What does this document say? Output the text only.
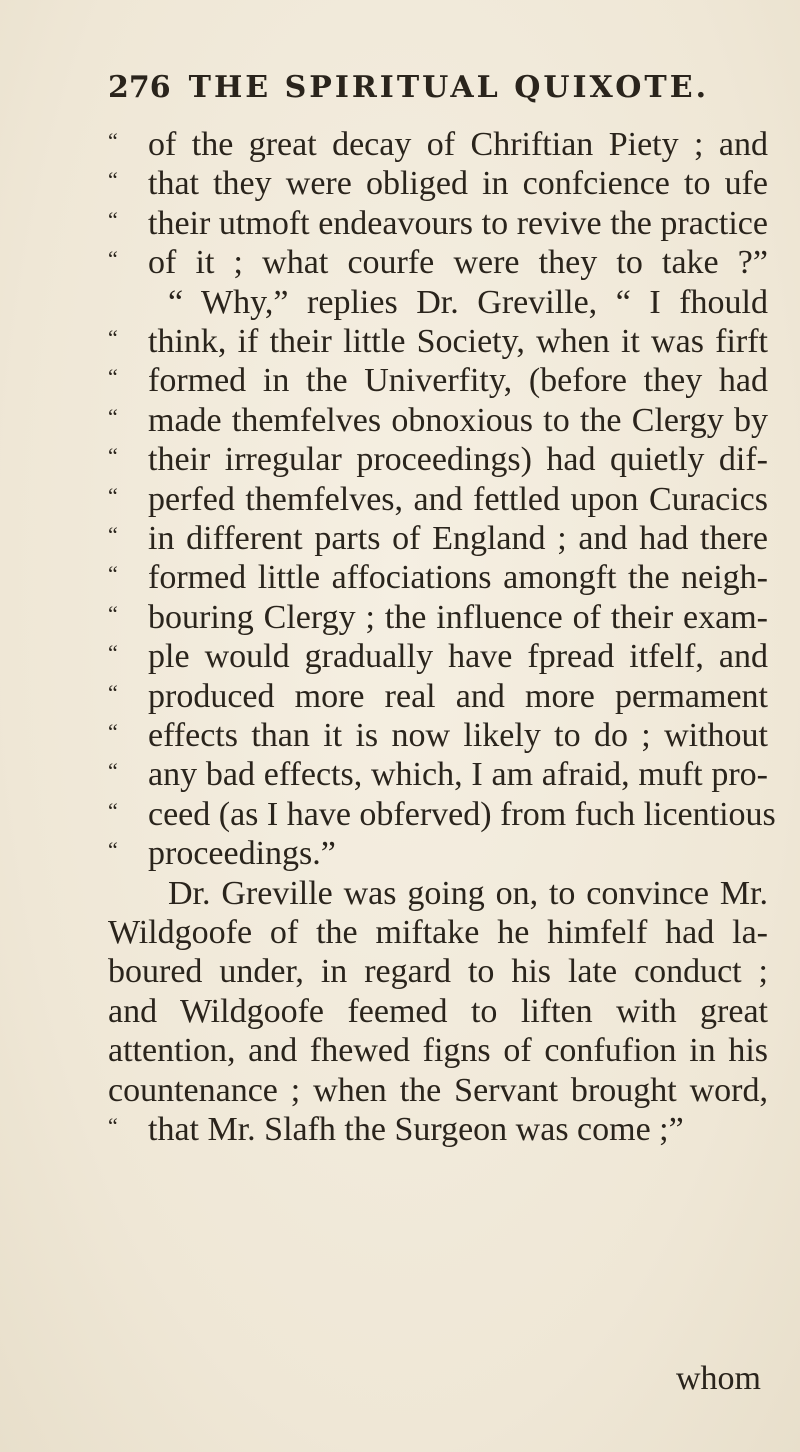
276 THE SPIRITUAL QUIXOTE.
“ of the great decay of Chriftian Piety ; and
“ that they were obliged in confcience to ufe
“ their utmoft endeavours to revive the practice
“ of it ; what courfe were they to take ?”
“ Why,” replies Dr. Greville, “ I fhould
“ think, if their little Society, when it was firft
“ formed in the Univerfity, (before they had
“ made themfelves obnoxious to the Clergy by
“ their irregular proceedings) had quietly dif-
“ perfed themfelves, and fettled upon Curacics
“ in different parts of England ; and had there
“ formed little affociations amongft the neigh-
“ bouring Clergy ; the influence of their exam-
“ ple would gradually have fpread itfelf, and
“ produced more real and more permament
“ effects than it is now likely to do ; without
“ any bad effects, which, I am afraid, muft pro-
“ ceed (as I have obferved) from fuch licentious
“ proceedings.”
Dr. Greville was going on, to convince Mr.
Wildgoofe of the miftake he himfelf had la-
boured under, in regard to his late conduct ;
and Wildgoofe feemed to liften with great
attention, and fhewed figns of confufion in his
countenance ; when the Servant brought word,
“ that Mr. Slafh the Surgeon was come ;”
whom
